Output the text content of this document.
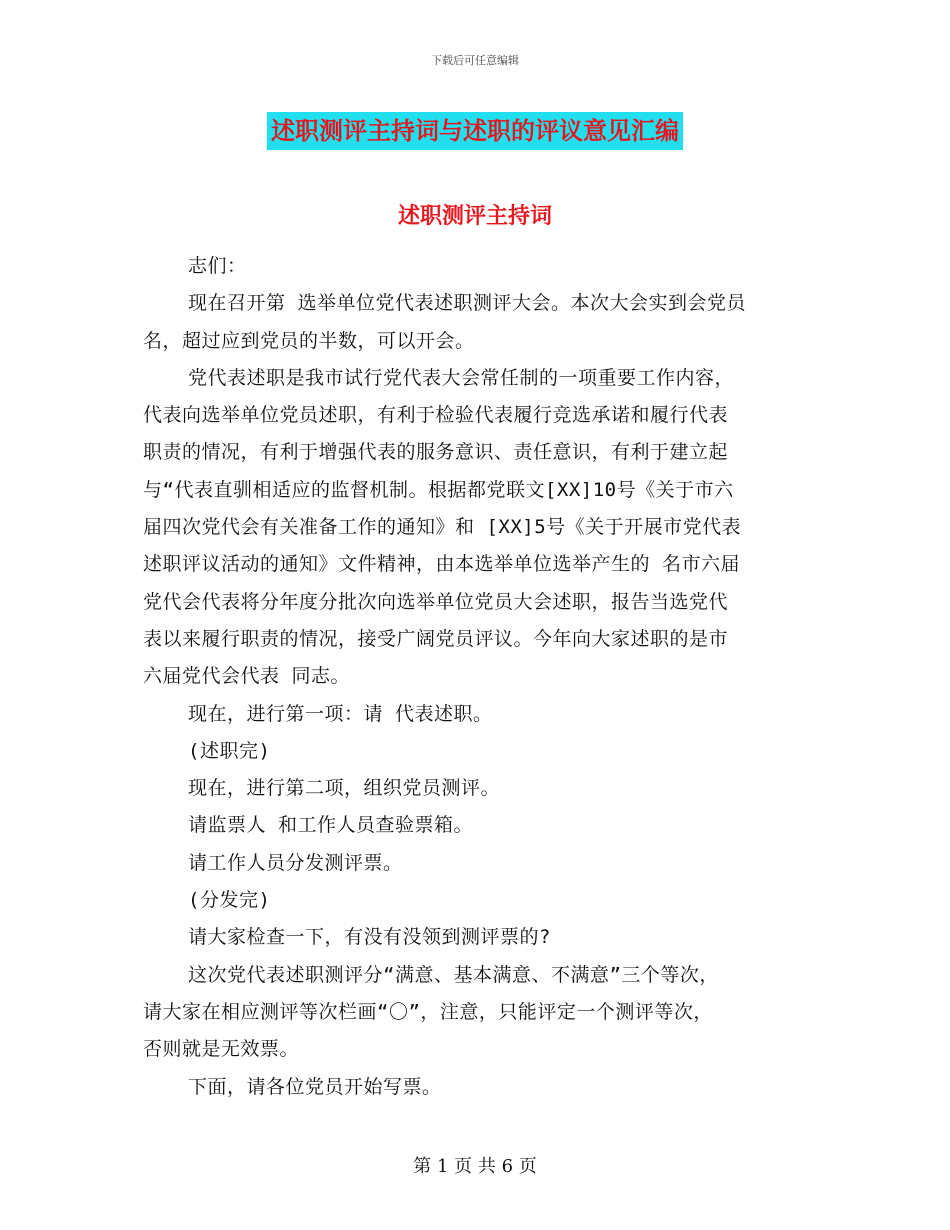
下载后可任意编辑
述职测评主持词与述职的评议意见汇编
述职测评主持词
志们：
现在召开第 选举单位党代表述职测评大会。本次大会实到会党员
名，超过应到党员的半数，可以开会。
党代表述职是我市试行党代表大会常任制的一项重要工作内容，
代表向选举单位党员述职，有利于检验代表履行竞选承诺和履行代表
职责的情况，有利于增强代表的服务意识、责任意识，有利于建立起
与“代表直驯相适应的监督机制。根据都党联文[XX]10号《关于市六
届四次党代会有关准备工作的通知》和 [XX]5号《关于开展市党代表
述职评议活动的通知》文件精神，由本选举单位选举产生的 名市六届
党代会代表将分年度分批次向选举单位党员大会述职，报告当选党代
表以来履行职责的情况，接受广阔党员评议。今年向大家述职的是市
六届党代会代表 同志。
现在，进行第一项：请 代表述职。
(述职完)
现在，进行第二项，组织党员测评。
请监票人 和工作人员查验票箱。
请工作人员分发测评票。
(分发完)
请大家检查一下，有没有没领到测评票的?
这次党代表述职测评分“满意、基本满意、不满意”三个等次，
请大家在相应测评等次栏画“〇”，注意，只能评定一个测评等次，
否则就是无效票。
下面，请各位党员开始写票。
第 1 页 共 6 页
